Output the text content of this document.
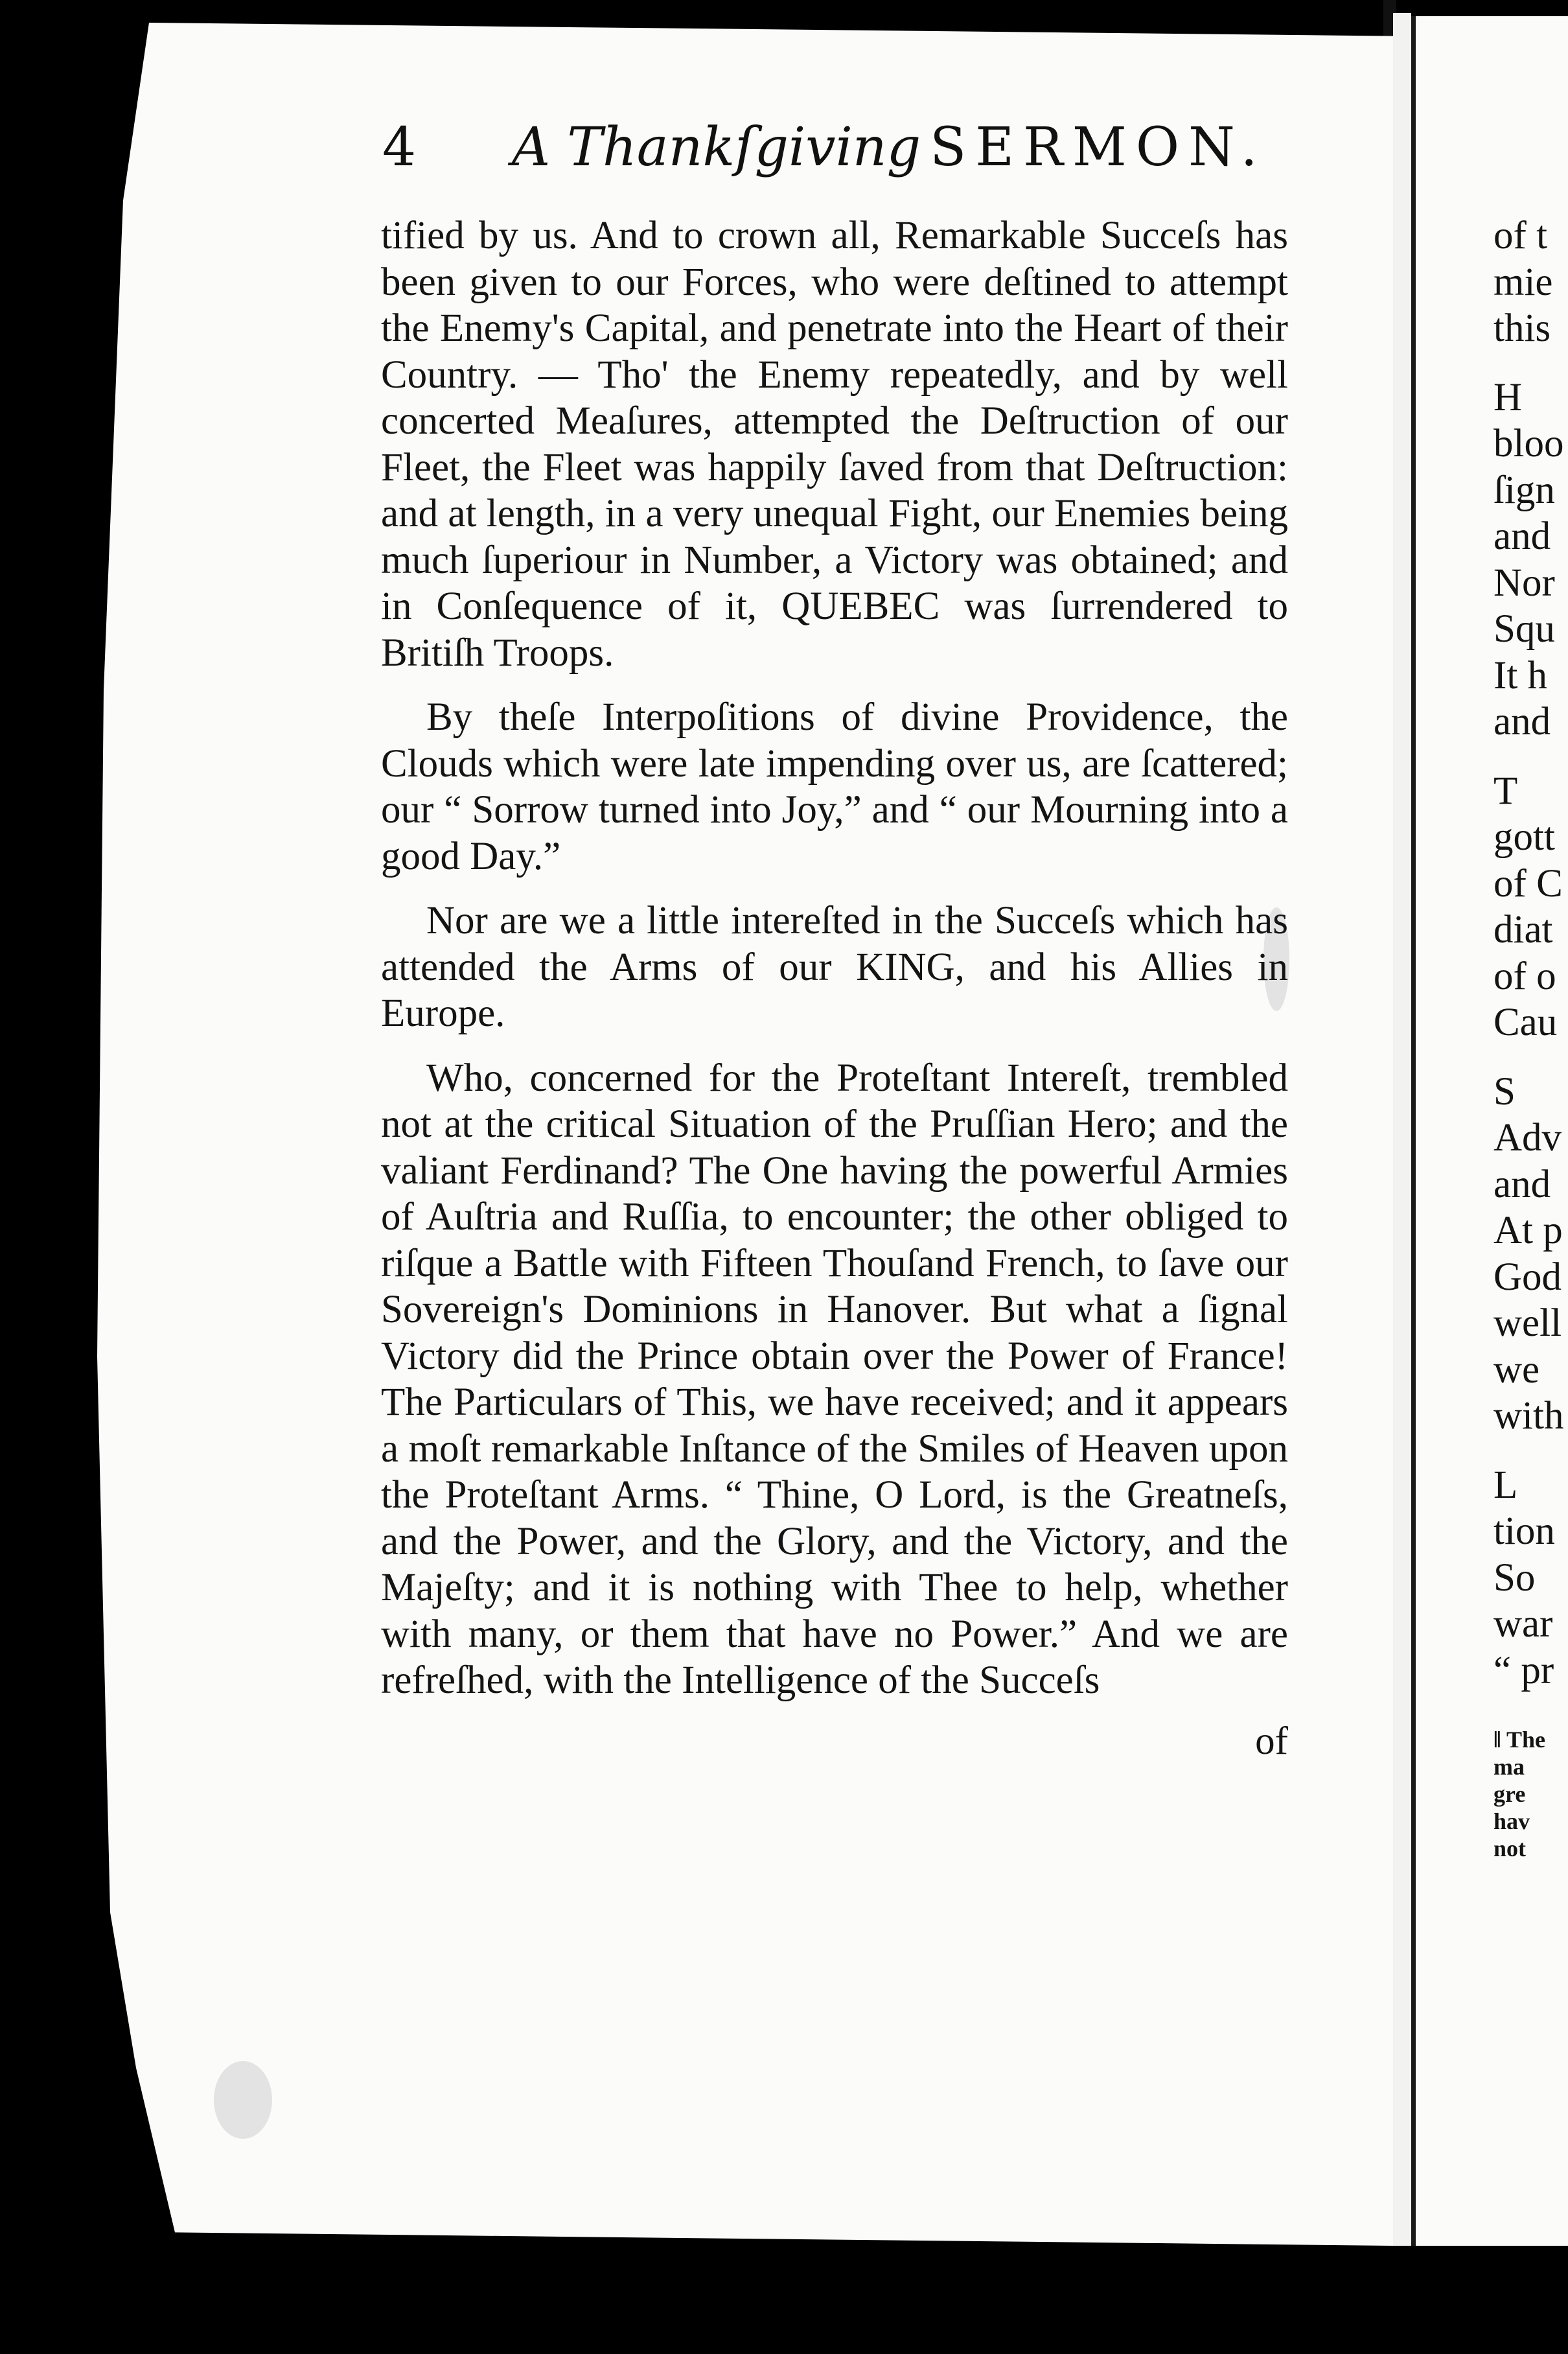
4 A Thankſgiving SERMON.

tified by us. And to crown all, Remarkable Succeſs has been given to our Forces, who were deſtined to attempt the Enemy's Capital, and penetrate into the Heart of their Country. — Tho' the Enemy repeatedly, and by well concerted Meaſures, attempted the Deſtruction of our Fleet, the Fleet was happily ſaved from that Deſtruction: and at length, in a very unequal Fight, our Enemies being much ſuperiour in Number, a Victory was obtained; and in Conſequence of it, QUEBEC was ſurrendered to Britiſh Troops.

By theſe Interpoſitions of divine Providence, the Clouds which were late impending over us, are ſcattered; our “ Sorrow turned into Joy,” and “ our Mourning into a good Day.”

Nor are we a little intereſted in the Succeſs which has attended the Arms of our KING, and his Allies in Europe.

Who, concerned for the Proteſtant Intereſt, trembled not at the critical Situation of the Pruſſian Hero; and the valiant Ferdinand? The One having the powerful Armies of Auſtria and Ruſſia, to encounter; the other obliged to riſque a Battle with Fifteen Thouſand French, to ſave our Sovereign's Dominions in Hanover. But what a ſignal Victory did the Prince obtain over the Power of France! The Particulars of This, we have received; and it appears a moſt remarkable Inſtance of the Smiles of Heaven upon the Proteſtant Arms. “ Thine, O Lord, is the Greatneſs, and the Power, and the Glory, and the Victory, and the Majeſty; and it is nothing with Thee to help, whether with many, or them that have no Power.” And we are refreſhed, with the Intelligence of the Succeſs

of
of t
mie
this
H
bloo
ſign
and
Nor
Squ
It h
and
T
gott
of C
diat
of o
Cau
S
Adv
and
At p
God
well
we
with
L
tion
So
war
“ pr
‖ The
ma
gre
hav
not
